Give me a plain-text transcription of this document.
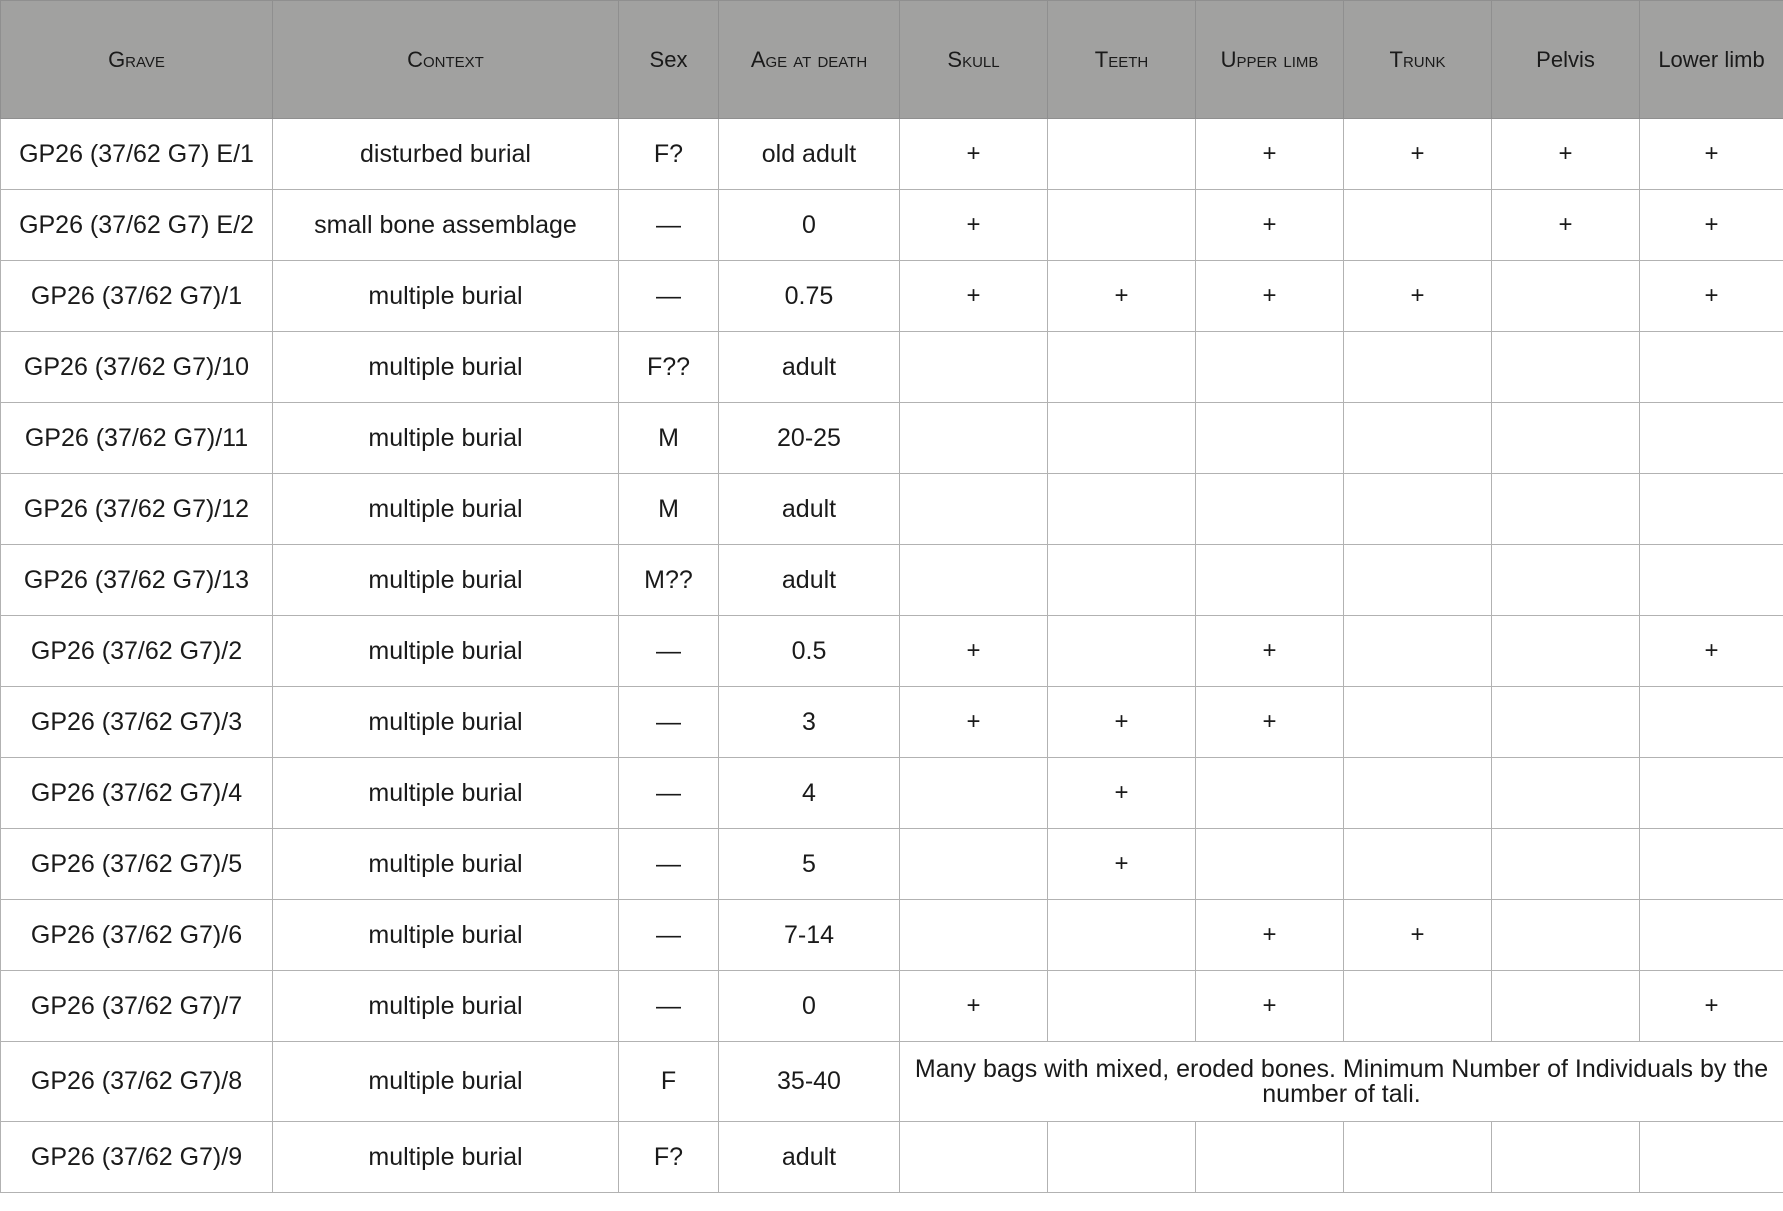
Grave	Context	Sex	Age at death	Skull	Teeth	Upper limb	Trunk	Pelvis	Lower limb
GP26 (37/62 G7) E/1	disturbed burial	F?	old adult	+		+	+	+	+
GP26 (37/62 G7) E/2	small bone assemblage	—	0	+		+		+	+
GP26 (37/62 G7)/1	multiple burial	—	0.75	+	+	+	+		+
GP26 (37/62 G7)/10	multiple burial	F??	adult						
GP26 (37/62 G7)/11	multiple burial	M	20-25						
GP26 (37/62 G7)/12	multiple burial	M	adult						
GP26 (37/62 G7)/13	multiple burial	M??	adult						
GP26 (37/62 G7)/2	multiple burial	—	0.5	+		+			+
GP26 (37/62 G7)/3	multiple burial	—	3	+	+	+			
GP26 (37/62 G7)/4	multiple burial	—	4		+				
GP26 (37/62 G7)/5	multiple burial	—	5		+				
GP26 (37/62 G7)/6	multiple burial	—	7-14			+	+		
GP26 (37/62 G7)/7	multiple burial	—	0	+		+			+
GP26 (37/62 G7)/8	multiple burial	F	35-40	Many bags with mixed, eroded bones. Minimum Number of Individuals by the number of tali.					
GP26 (37/62 G7)/9	multiple burial	F?	adult						
